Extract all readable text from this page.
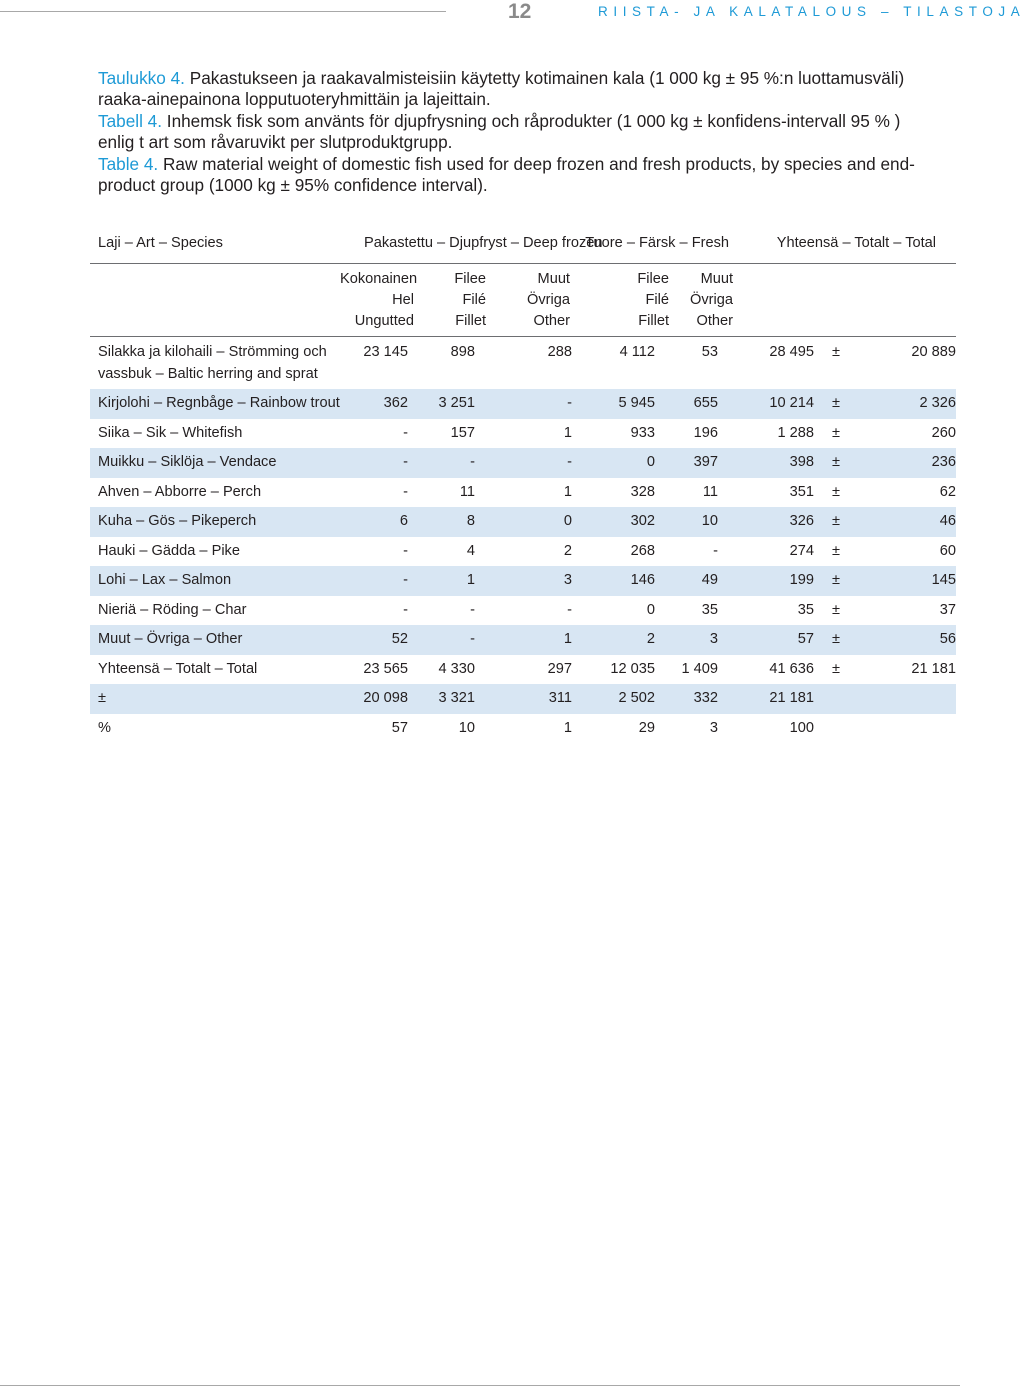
12	RIISTA- JA KALATALOUS – TILASTOJA

Taulukko 4. Pakastukseen ja raakavalmisteisiin käytetty kotimainen kala (1 000 kg ± 95 %:n luottamusväli) raaka-ainepainona lopputuoteryhmittäin ja lajeittain.

Tabell 4. Inhemsk fisk som använts för djupfrysning och råprodukter (1 000 kg ± konfidens-intervall 95 % ) enlig t art som råvaruvikt per slutproduktgrupp.

Table 4. Raw material weight of domestic fish used for deep frozen and fresh products, by species and end-product group (1000 kg ± 95% confidence interval).

Laji – Art – Species	Pakastettu – Djupfryst – Deep frozen			Tuore – Färsk – Fresh		Yhteensä – Totalt – Total		
	Kokonainen
Hel
Ungutted	Filee
Filé
Fillet	Muut
Övriga
Other	Filee
Filé
Fillet	Muut
Övriga
Other			

Silakka ja kilohaili – Strömming och
vassbuk – Baltic herring and sprat	23 145	898	288	4 112	53	28 495	±	20 889
Kirjolohi – Regnbåge – Rainbow trout	362	3 251	-	5 945	655	10 214	±	2 326
Siika – Sik – Whitefish	-	157	1	933	196	1 288	±	260
Muikku – Siklöja – Vendace	-	-	-	0	397	398	±	236
Ahven – Abborre – Perch	-	11	1	328	11	351	±	62
Kuha – Gös – Pikeperch	6	8	0	302	10	326	±	46
Hauki – Gädda – Pike	-	4	2	268	-	274	±	60
Lohi – Lax – Salmon	-	1	3	146	49	199	±	145
Nieriä – Röding – Char	-	-	-	0	35	35	±	37
Muut – Övriga – Other	52	-	1	2	3	57	±	56
Yhteensä – Totalt – Total	23 565	4 330	297	12 035	1 409	41 636	±	21 181
±	20 098	3 321	311	2 502	332	21 181		
%	57	10	1	29	3	100		
